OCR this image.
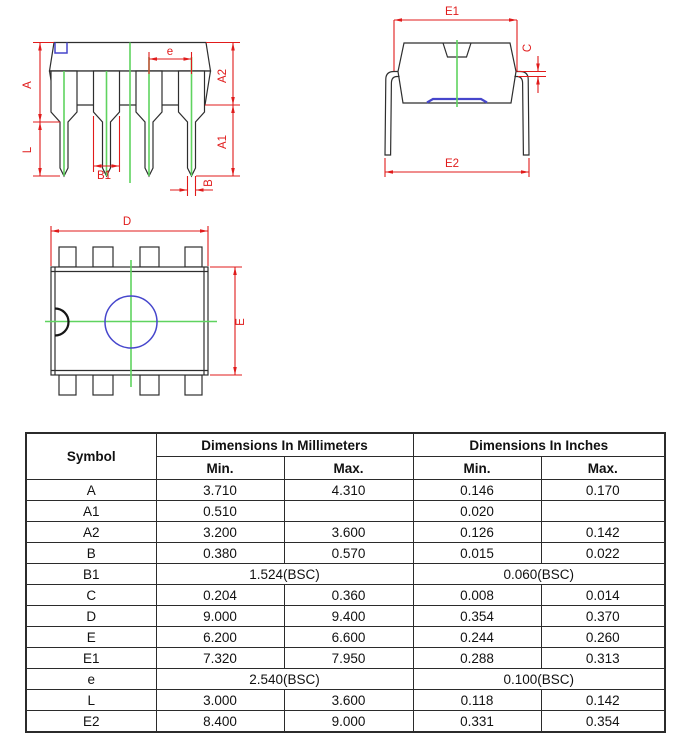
A
L
e
A2
A1
B1
B
E1
C
E2
D
E
Symbol	Dimensions In Millimeters		Dimensions In Inches	
	Min.	Max.	Min.	Max.
A	3.710	4.310	0.146	0.170
A1	0.510		0.020	
A2	3.200	3.600	0.126	0.142
B	0.380	0.570	0.015	0.022
B1	1.524(BSC)		0.060(BSC)	
C	0.204	0.360	0.008	0.014
D	9.000	9.400	0.354	0.370
E	6.200	6.600	0.244	0.260
E1	7.320	7.950	0.288	0.313
e	2.540(BSC)		0.100(BSC)	
L	3.000	3.600	0.118	0.142
E2	8.400	9.000	0.331	0.354
